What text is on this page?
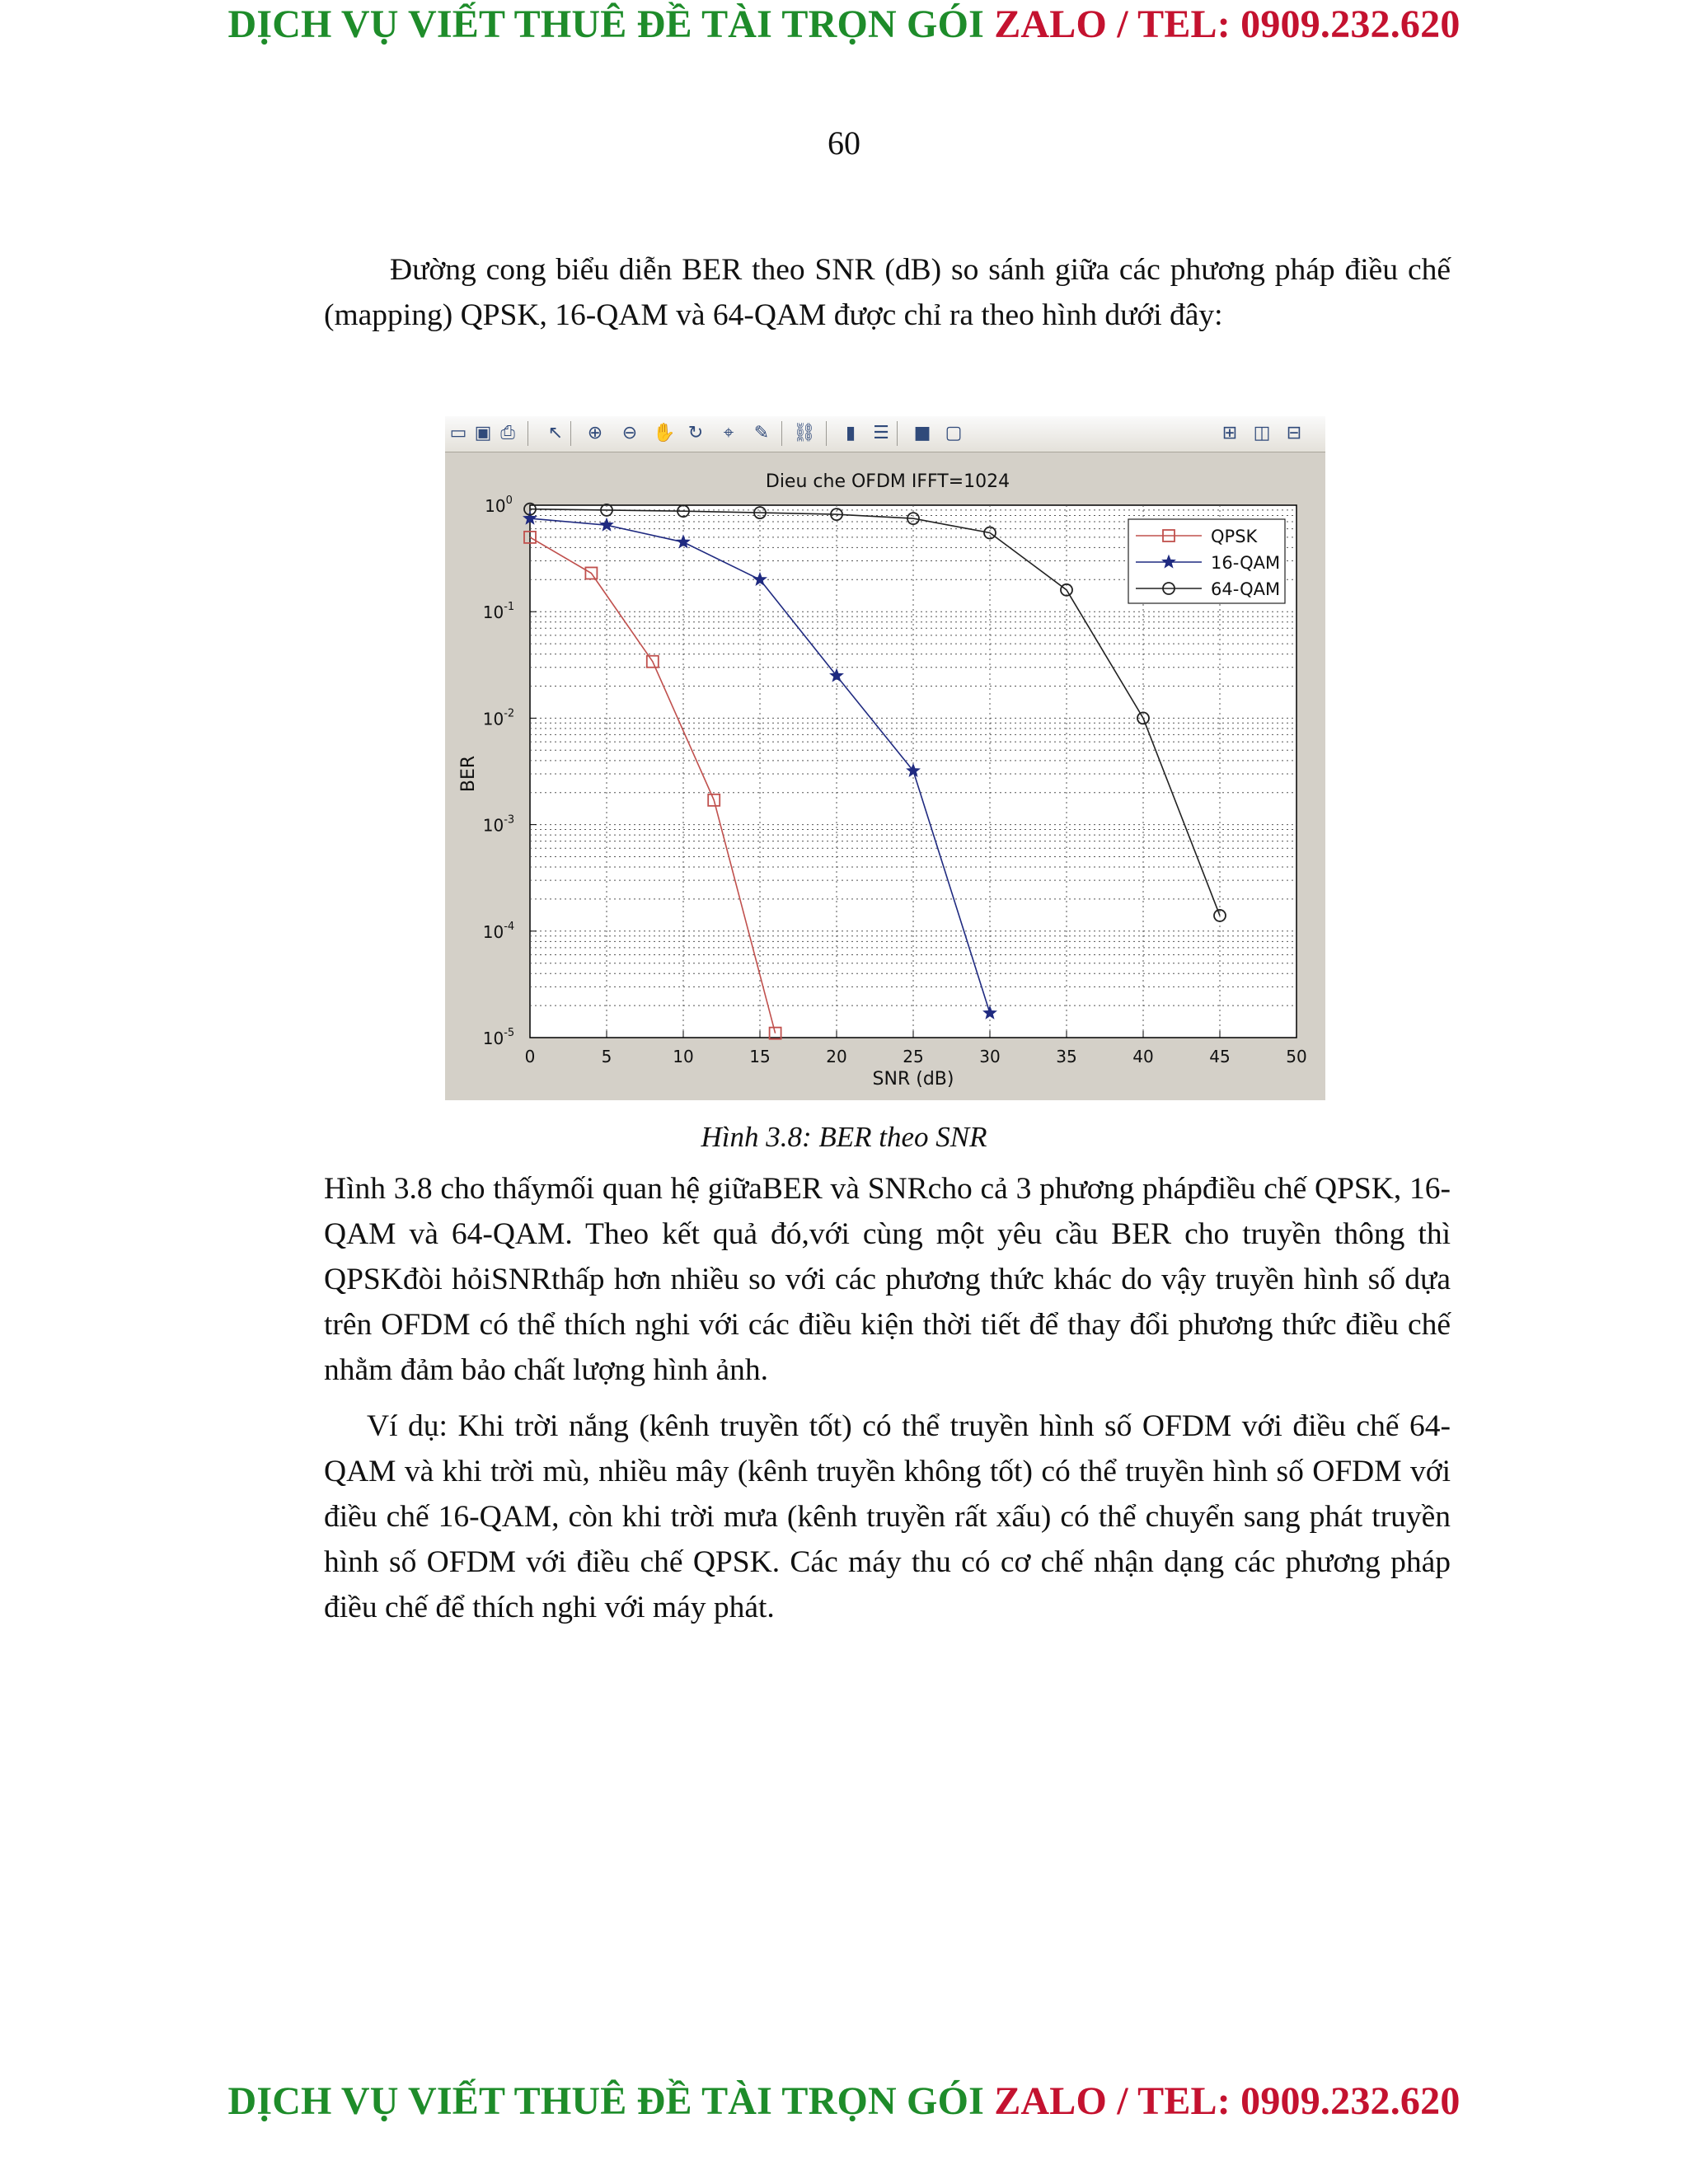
DỊCH VỤ VIẾT THUÊ ĐỀ TÀI TRỌN GÓI ZALO / TEL: 0909.232.620
60
Đường cong biểu diễn BER theo SNR (dB) so sánh giữa các phương pháp điều chế (mapping) QPSK, 16-QAM và 64-QAM được chỉ ra theo hình dưới đây:
▭ ▣ ⎙ ↖ ⊕ ⊖ ✋ ↻	⌖	✎ ⛓	▮ ☰ ■ ▢	⊞ ◫ ⊟
Dieu che OFDM IFFT=1024
0	5	10	15	20	25	30	35	40	45	50
$10^0$
$10^{-1}$
$10^{-2}$
$10^{-3}$
$10^{-4}$
$10^{-5}$
SNR (dB)
BER
QPSK
16-QAM
64-QAM
Hình 3.8: BER theo SNR
Hình 3.8 cho thấymối quan hệ giữaBER và SNRcho cả 3 phương phápđiều chế QPSK, 16-QAM và 64-QAM. Theo kết quả đó,với cùng một yêu cầu BER cho truyền thông thì QPSKđòi hỏiSNRthấp hơn nhiều so với các phương thức khác do vậy truyền hình số dựa trên OFDM có thể thích nghi với các điều kiện thời tiết để thay đổi phương thức điều chế nhằm đảm bảo chất lượng hình ảnh.
Ví dụ: Khi trời nắng (kênh truyền tốt) có thể truyền hình số OFDM với điều chế 64-QAM và khi trời mù, nhiều mây (kênh truyền không tốt) có thể truyền hình số OFDM với điều chế 16-QAM, còn khi trời mưa (kênh truyền rất xấu) có thể chuyển sang phát truyền hình số OFDM với điều chế QPSK. Các máy thu có cơ chế nhận dạng các phương pháp điều chế để thích nghi với máy phát.
DỊCH VỤ VIẾT THUÊ ĐỀ TÀI TRỌN GÓI ZALO / TEL: 0909.232.620
